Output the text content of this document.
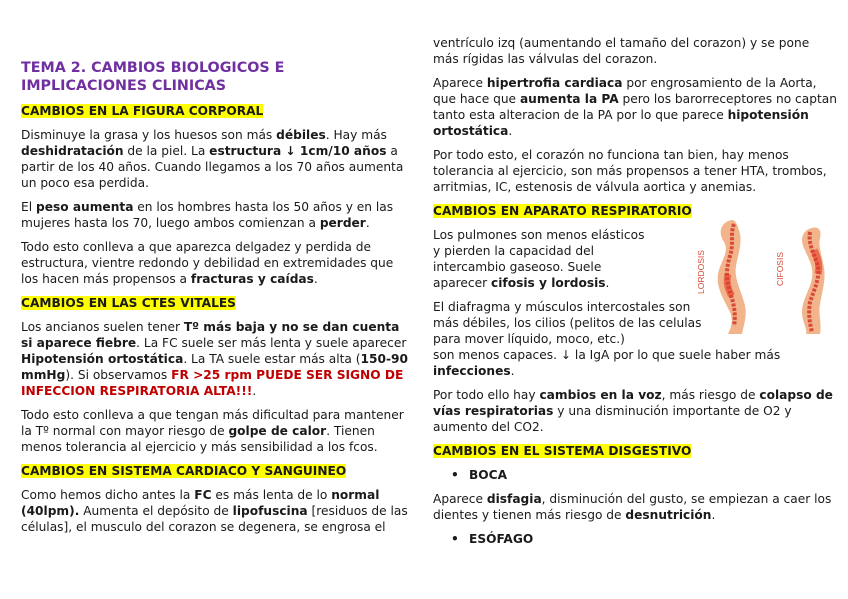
TEMA 2. CAMBIOS BIOLOGICOS E IMPLICACIONES CLINICAS

CAMBIOS EN LA FIGURA CORPORAL

Disminuye la grasa y los huesos son más débiles. Hay más deshidratación de la piel. La estructura ↓ 1cm/10 años a partir de los 40 años. Cuando llegamos a los 70 años aumenta un poco esa perdida.

El peso aumenta en los hombres hasta los 50 años y en las mujeres hasta los 70, luego ambos comienzan a perder.

Todo esto conlleva a que aparezca delgadez y perdida de estructura, vientre redondo y debilidad en extremidades que los hacen más propensos a fracturas y caídas.

CAMBIOS EN LAS CTES VITALES

Los ancianos suelen tener Tº más baja y no se dan cuenta si aparece fiebre. La FC suele ser más lenta y suele aparecer Hipotensión ortostática. La TA suele estar más alta (150-90 mmHg). Si observamos FR >25 rpm PUEDE SER SIGNO DE INFECCION RESPIRATORIA ALTA!!!.

Todo esto conlleva a que tengan más dificultad para mantener la Tº normal con mayor riesgo de golpe de calor. Tienen menos tolerancia al ejercicio y más sensibilidad a los fcos.

CAMBIOS EN SISTEMA CARDIACO Y SANGUINEO

Como hemos dicho antes la FC es más lenta de lo normal (40lpm). Aumenta el depósito de lipofuscina [residuos de las células], el musculo del corazon se degenera, se engrosa el

ventrículo izq (aumentando el tamaño del corazon) y se pone más rígidas las válvulas del corazon.

Aparece hipertrofia cardiaca por engrosamiento de la Aorta, que hace que aumenta la PA pero los barorreceptores no captan tanto esta alteracion de la PA por lo que parece hipotensión ortostática.

Por todo esto, el corazón no funciona tan bien, hay menos tolerancia al ejercicio, son más propensos a tener HTA, trombos, arritmias, IC, estenosis de válvula aortica y anemias.

CAMBIOS EN APARATO RESPIRATORIO

Los pulmones son menos elásticos y pierden la capacidad del intercambio gaseoso. Suele aparecer cifosis y lordosis.

El diafragma y músculos intercostales son más débiles, los cilios (pelitos de las celulas para mover líquido, moco, etc.)

son menos capaces. ↓ la IgA por lo que suele haber más infecciones.

Por todo ello hay cambios en la voz, más riesgo de colapso de vías respiratorias y una disminución importante de O2 y aumento del CO2.

CAMBIOS EN EL SISTEMA DISGESTIVO

• BOCA

Aparece disfagia, disminución del gusto, se empiezan a caer los dientes y tienen más riesgo de desnutrición.

• ESÓFAGO
LORDOSIS	CIFOSIS
